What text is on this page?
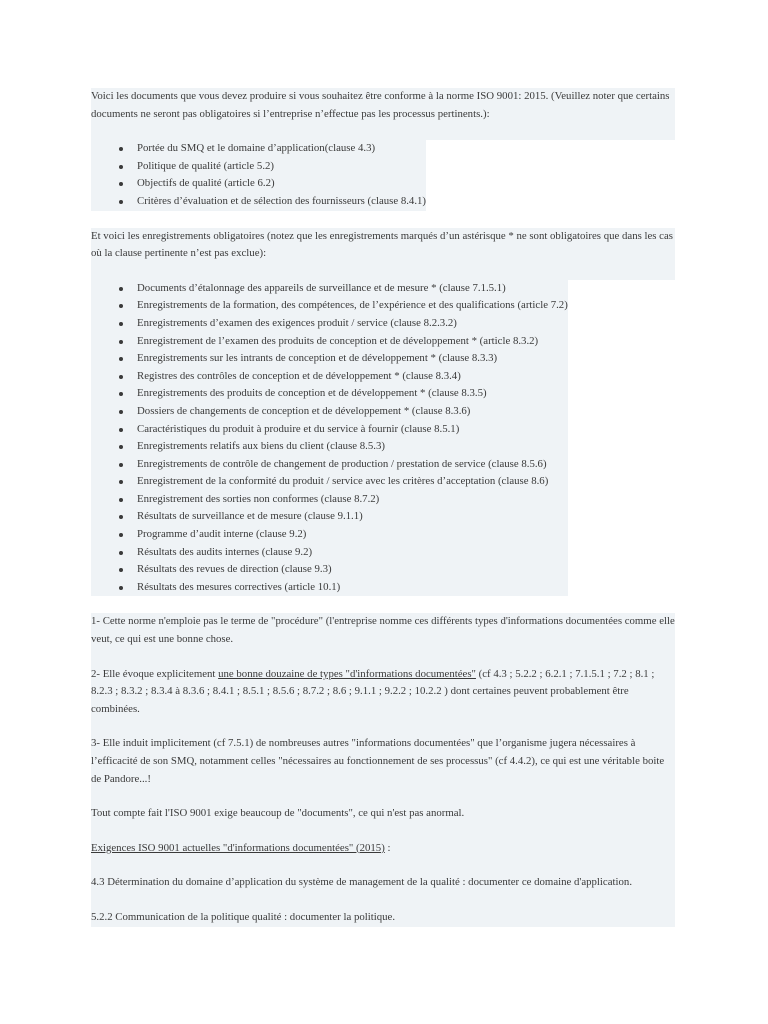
Voici les documents que vous devez produire si vous souhaitez être conforme à la norme ISO 9001: 2015. (Veuillez noter que certains documents ne seront pas obligatoires si l’entreprise n’effectue pas les processus pertinents.):

Portée du SMQ et le domaine d’application(clause 4.3)
Politique de qualité (article 5.2)
Objectifs de qualité (article 6.2)
Critères d’évaluation et de sélection des fournisseurs (clause 8.4.1)

Et voici les enregistrements obligatoires (notez que les enregistrements marqués d’un astérisque * ne sont obligatoires que dans les cas où la clause pertinente n’est pas exclue):

Documents d’étalonnage des appareils de surveillance et de mesure * (clause 7.1.5.1)
Enregistrements de la formation, des compétences, de l’expérience et des qualifications (article 7.2)
Enregistrements d’examen des exigences produit / service (clause 8.2.3.2)
Enregistrement de l’examen des produits de conception et de développement * (article 8.3.2)
Enregistrements sur les intrants de conception et de développement * (clause 8.3.3)
Registres des contrôles de conception et de développement * (clause 8.3.4)
Enregistrements des produits de conception et de développement * (clause 8.3.5)
Dossiers de changements de conception et de développement * (clause 8.3.6)
Caractéristiques du produit à produire et du service à fournir (clause 8.5.1)
Enregistrements relatifs aux biens du client (clause 8.5.3)
Enregistrements de contrôle de changement de production / prestation de service (clause 8.5.6)
Enregistrement de la conformité du produit / service avec les critères d’acceptation (clause 8.6)
Enregistrement des sorties non conformes (clause 8.7.2)
Résultats de surveillance et de mesure (clause 9.1.1)
Programme d’audit interne (clause 9.2)
Résultats des audits internes (clause 9.2)
Résultats des revues de direction (clause 9.3)
Résultats des mesures correctives (article 10.1)

1- Cette norme n'emploie pas le terme de "procédure" (l'entreprise nomme ces différents types d'informations documentées comme elle veut, ce qui est une bonne chose.

2- Elle évoque explicitement une bonne douzaine de types "d'informations documentées" (cf 4.3 ; 5.2.2 ; 6.2.1 ; 7.1.5.1 ; 7.2 ; 8.1 ; 8.2.3 ; 8.3.2 ; 8.3.4 à 8.3.6 ; 8.4.1 ; 8.5.1 ; 8.5.6 ; 8.7.2 ; 8.6 ; 9.1.1 ; 9.2.2 ; 10.2.2 ) dont certaines peuvent probablement être combinées.

3- Elle induit implicitement (cf 7.5.1) de nombreuses autres "informations documentées" que l’organisme jugera nécessaires à l’efficacité de son SMQ, notamment celles "nécessaires au fonctionnement de ses processus" (cf 4.4.2), ce qui est une véritable boite de Pandore...!

Tout compte fait l'ISO 9001 exige beaucoup de "documents", ce qui n'est pas anormal.

Exigences ISO 9001 actuelles "d'informations documentées" (2015) :

4.3 Détermination du domaine d’application du système de management de la qualité : documenter ce domaine d'application.

5.2.2 Communication de la politique qualité : documenter la politique.
